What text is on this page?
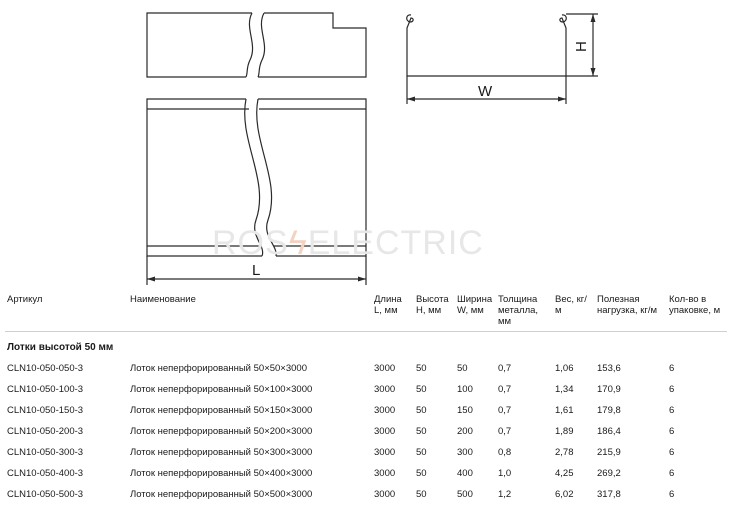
L
W
H
ROSϟELECTRIC
Артикул	Наименование	Длина L, мм	Высота H, мм	Ширина W, мм	Толщина металла, мм	Вес, кг/м	Полезная нагрузка, кг/м	Кол-во в упаковке, м

Лотки высотой 50 мм								
CLN10-050-050-3	Лоток неперфорированный 50×50×3000	3000	50	50	0,7	1,06	153,6	6
CLN10-050-100-3	Лоток неперфорированный 50×100×3000	3000	50	100	0,7	1,34	170,9	6
CLN10-050-150-3	Лоток неперфорированный 50×150×3000	3000	50	150	0,7	1,61	179,8	6
CLN10-050-200-3	Лоток неперфорированный 50×200×3000	3000	50	200	0,7	1,89	186,4	6
CLN10-050-300-3	Лоток неперфорированный 50×300×3000	3000	50	300	0,8	2,78	215,9	6
CLN10-050-400-3	Лоток неперфорированный 50×400×3000	3000	50	400	1,0	4,25	269,2	6
CLN10-050-500-3	Лоток неперфорированный 50×500×3000	3000	50	500	1,2	6,02	317,8	6
